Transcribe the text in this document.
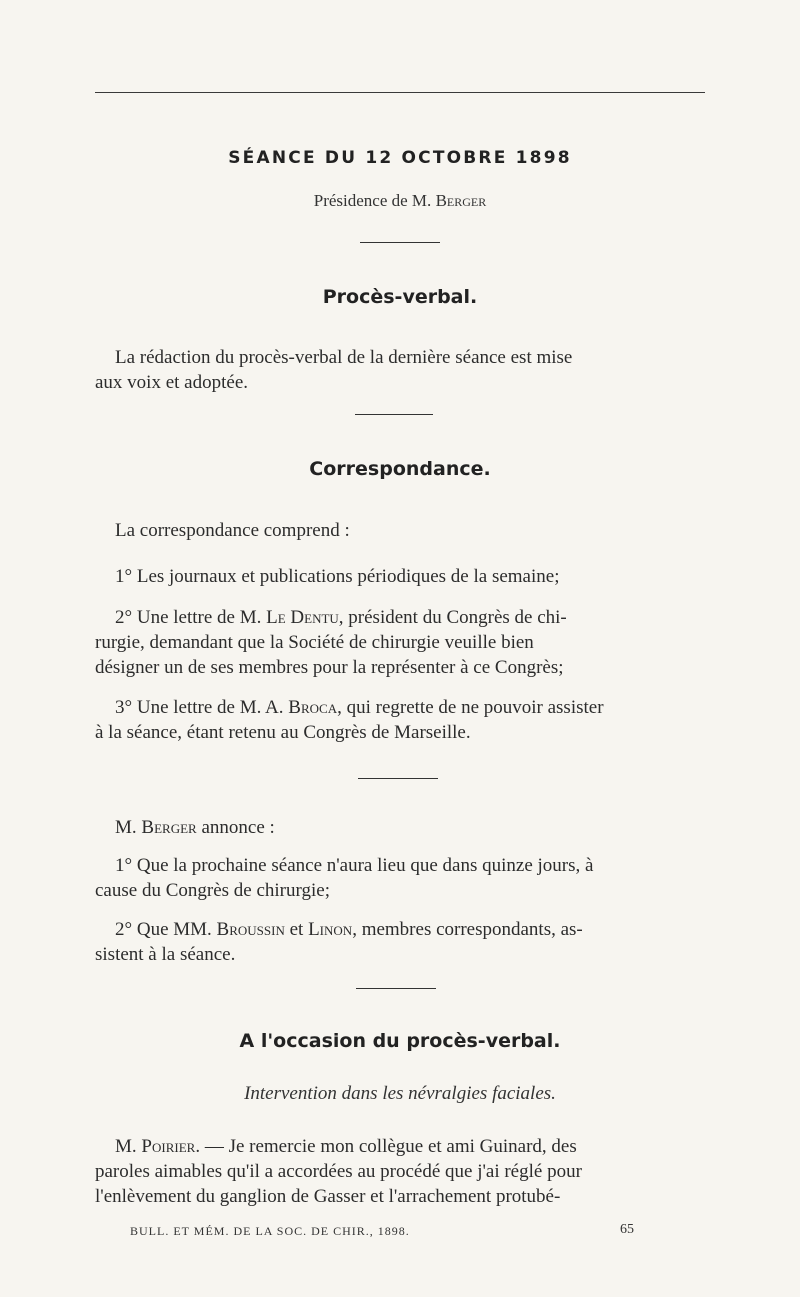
SÉANCE DU 12 OCTOBRE 1898
Présidence de M. Berger
Procès-verbal.
La rédaction du procès-verbal de la dernière séance est mise
aux voix et adoptée.
Correspondance.
La correspondance comprend :
1° Les journaux et publications périodiques de la semaine;
2° Une lettre de M. Le Dentu, président du Congrès de chi-
rurgie, demandant que la Société de chirurgie veuille bien
désigner un de ses membres pour la représenter à ce Congrès;
3° Une lettre de M. A. Broca, qui regrette de ne pouvoir assister
à la séance, étant retenu au Congrès de Marseille.
M. Berger annonce :
1° Que la prochaine séance n'aura lieu que dans quinze jours, à
cause du Congrès de chirurgie;
2° Que MM. Broussin et Linon, membres correspondants, as-
sistent à la séance.
A l'occasion du procès-verbal.
Intervention dans les névralgies faciales.
M. Poirier. — Je remercie mon collègue et ami Guinard, des
paroles aimables qu'il a accordées au procédé que j'ai réglé pour
l'enlèvement du ganglion de Gasser et l'arrachement protubé-
BULL. ET MÉM. DE LA SOC. DE CHIR., 1898.	65
